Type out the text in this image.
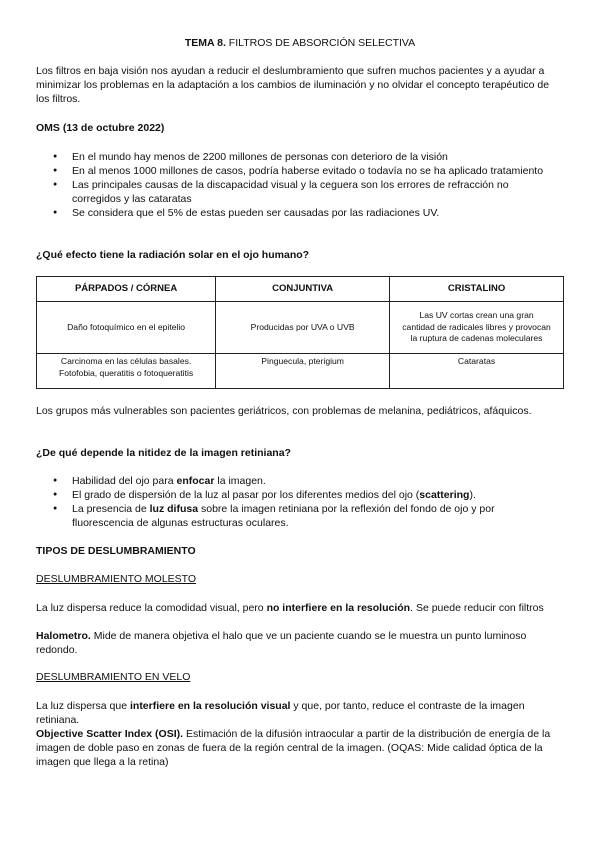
TEMA 8. FILTROS DE ABSORCIÓN SELECTIVA
Los filtros en baja visión nos ayudan a reducir el deslumbramiento que sufren muchos pacientes y a ayudar a minimizar los problemas en la adaptación a los cambios de iluminación y no olvidar el concepto terapéutico de los filtros.
OMS (13 de octubre 2022)
● En el mundo hay menos de 2200 millones de personas con deterioro de la visión
● En al menos 1000 millones de casos, podría haberse evitado o todavía no se ha aplicado tratamiento
● Las principales causas de la discapacidad visual y la ceguera son los errores de refracción no corregidos y las cataratas
● Se considera que el 5% de estas pueden ser causadas por las radiaciones UV.
¿Qué efecto tiene la radiación solar en el ojo humano?
PÁRPADOS / CÓRNEA	CONJUNTIVA	CRISTALINO
Daño fotoquímico en el epitelio	Producidas por UVA o UVB	Las UV cortas crean una gran cantidad de radicales libres y provocan la ruptura de cadenas moleculares
Carcinoma en las células basales. Fotofobia, queratitis o fotoqueratitis	Pinguecula, pterigium	Cataratas
Los grupos más vulnerables son pacientes geriátricos, con problemas de melanina, pediátricos, afáquicos.
¿De qué depende la nitidez de la imagen retiniana?
● Habilidad del ojo para enfocar la imagen.
● El grado de dispersión de la luz al pasar por los diferentes medios del ojo (scattering).
● La presencia de luz difusa sobre la imagen retiniana por la reflexión del fondo de ojo y por fluorescencia de algunas estructuras oculares.
TIPOS DE DESLUMBRAMIENTO
DESLUMBRAMIENTO MOLESTO
La luz dispersa reduce la comodidad visual, pero no interfiere en la resolución. Se puede reducir con filtros
Halometro. Mide de manera objetiva el halo que ve un paciente cuando se le muestra un punto luminoso redondo.
DESLUMBRAMIENTO EN VELO
La luz dispersa que interfiere en la resolución visual y que, por tanto, reduce el contraste de la imagen retiniana.
Objective Scatter Index (OSI). Estimación de la difusión intraocular a partir de la distribución de energía de la imagen de doble paso en zonas de fuera de la región central de la imagen. (OQAS: Mide calidad óptica de la imagen que llega a la retina)
